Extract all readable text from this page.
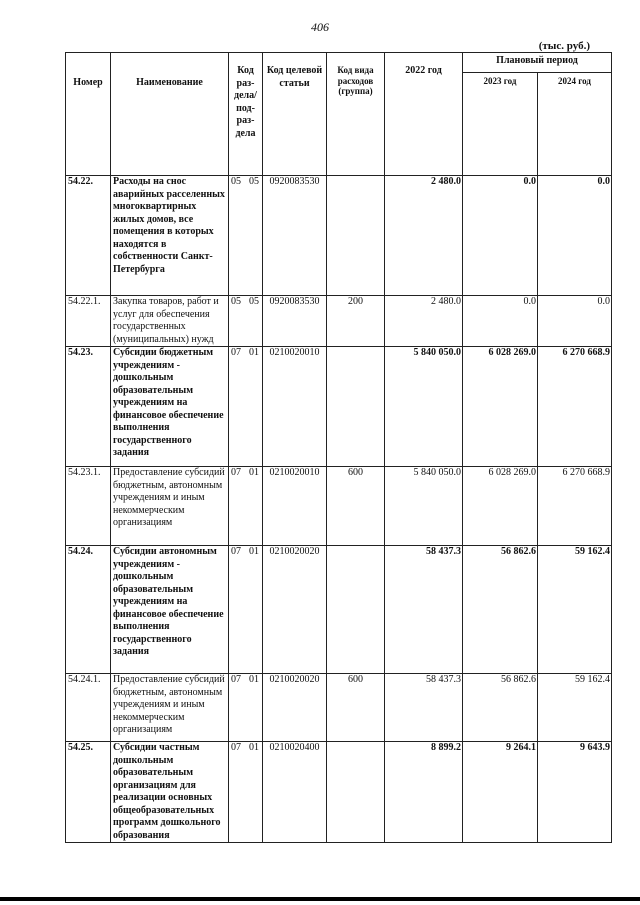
406
(тыс. руб.)
Номер	Наименование	Код раз-дела/ под-раз-дела	Код целевой статьи	Код вида расходов (группа)	2022 год	Плановый период	
						2023 год	2024 год
54.22.	Расходы на снос аварийных расселенных многоквартирных жилых домов, все помещения в которых находятся в собственности Санкт-Петербурга	05 05	0920083530		2 480.0	0.0	0.0
54.22.1.	Закупка товаров, работ и услуг для обеспечения государственных (муниципальных) нужд	05 05	0920083530	200	2 480.0	0.0	0.0
54.23.	Субсидии бюджетным учреждениям - дошкольным образовательным учреждениям на финансовое обеспечение выполнения государственного задания	07 01	0210020010		5 840 050.0	6 028 269.0	6 270 668.9
54.23.1.	Предоставление субсидий бюджетным, автономным учреждениям и иным некоммерческим организациям	07 01	0210020010	600	5 840 050.0	6 028 269.0	6 270 668.9
54.24.	Субсидии автономным учреждениям - дошкольным образовательным учреждениям на финансовое обеспечение выполнения государственного задания	07 01	0210020020		58 437.3	56 862.6	59 162.4
54.24.1.	Предоставление субсидий бюджетным, автономным учреждениям и иным некоммерческим организациям	07 01	0210020020	600	58 437.3	56 862.6	59 162.4
54.25.	Субсидии частным дошкольным образовательным организациям для реализации основных общеобразовательных программ дошкольного образования	07 01	0210020400		8 899.2	9 264.1	9 643.9
